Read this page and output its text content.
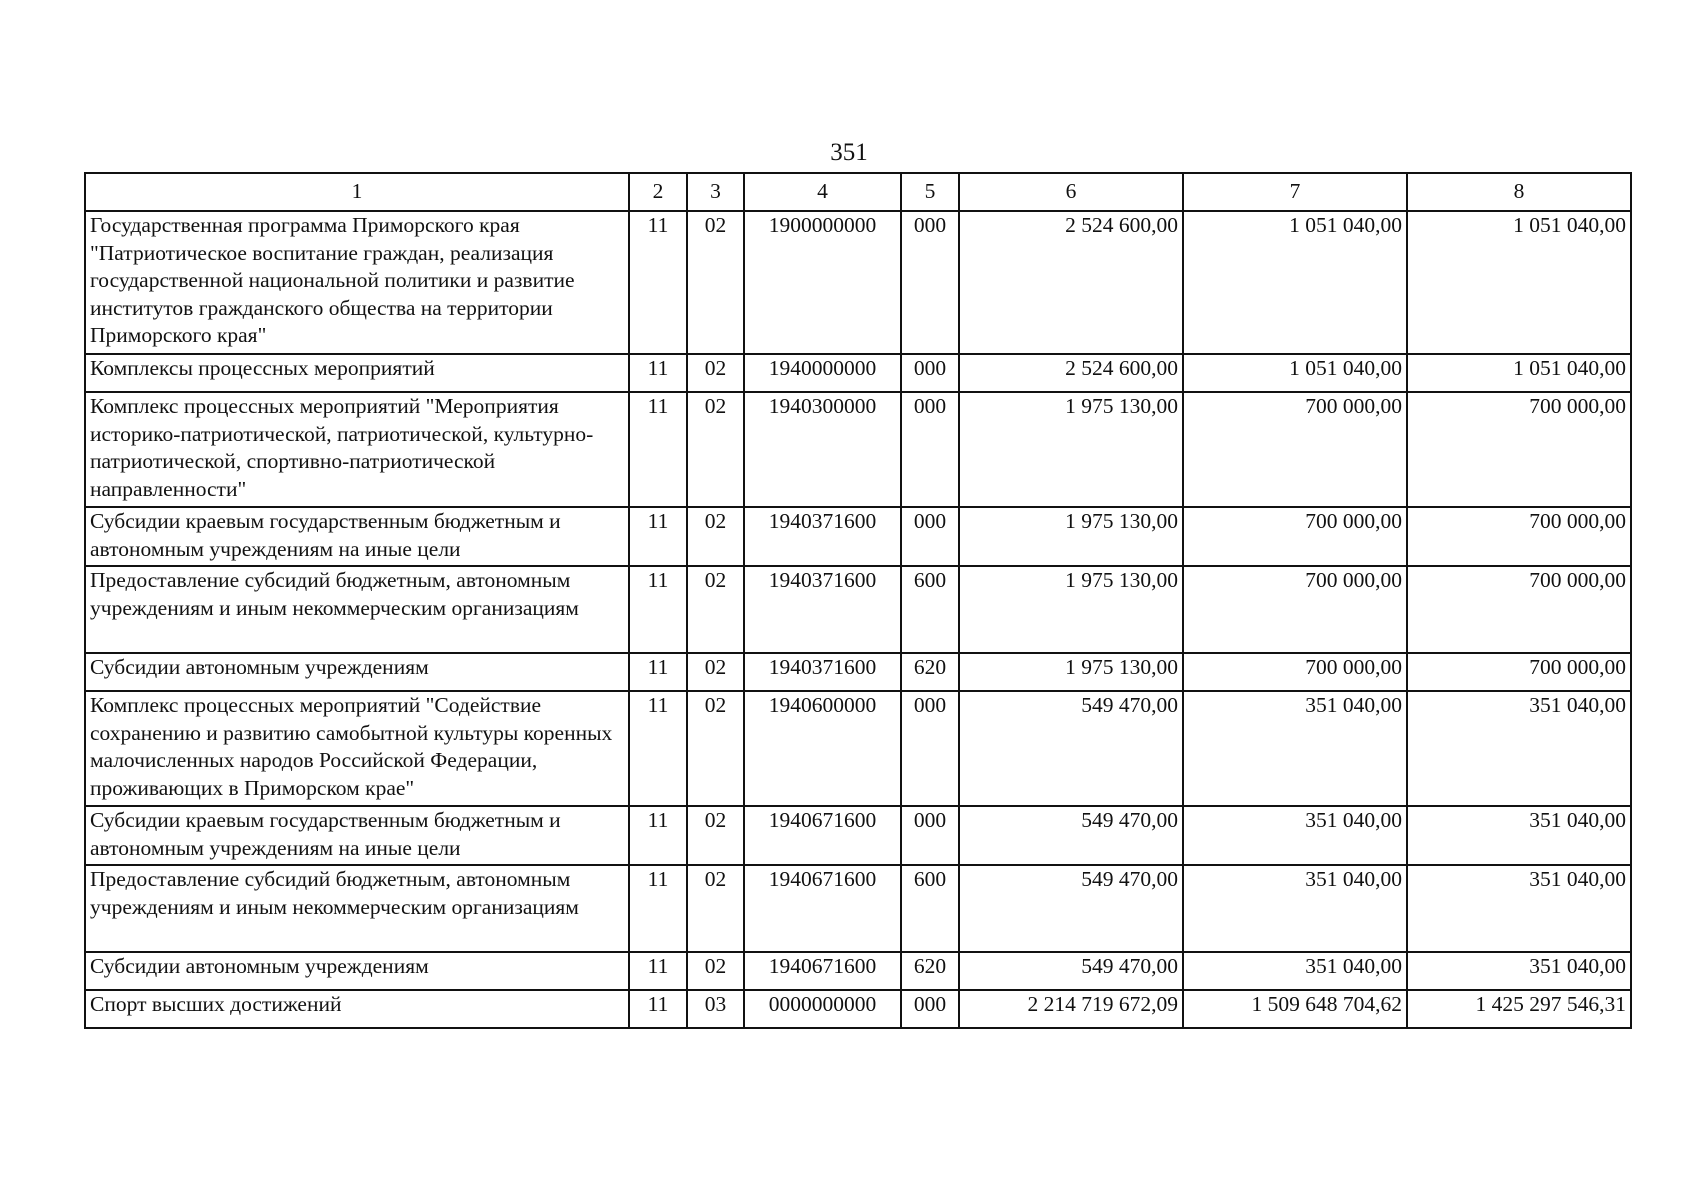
351
1	2	3	4	5	6	7	8
Государственная программа Приморского края "Патриотическое воспитание граждан, реализация государственной национальной политики и развитие институтов гражданского общества на территории Приморского края"	11	02	1900000000	000	2 524 600,00	1 051 040,00	1 051 040,00
Комплексы процессных мероприятий	11	02	1940000000	000	2 524 600,00	1 051 040,00	1 051 040,00
Комплекс процессных мероприятий "Мероприятия историко-патриотической, патриотической, культурно-патриотической, спортивно-патриотической направленности"	11	02	1940300000	000	1 975 130,00	700 000,00	700 000,00
Субсидии краевым государственным бюджетным и автономным учреждениям на иные цели	11	02	1940371600	000	1 975 130,00	700 000,00	700 000,00
Предоставление субсидий бюджетным, автономным учреждениям и иным некоммерческим организациям	11	02	1940371600	600	1 975 130,00	700 000,00	700 000,00
Субсидии автономным учреждениям	11	02	1940371600	620	1 975 130,00	700 000,00	700 000,00
Комплекс процессных мероприятий "Содействие сохранению и развитию самобытной культуры коренных малочисленных народов Российской Федерации, проживающих в Приморском крае"	11	02	1940600000	000	549 470,00	351 040,00	351 040,00
Субсидии краевым государственным бюджетным и автономным учреждениям на иные цели	11	02	1940671600	000	549 470,00	351 040,00	351 040,00
Предоставление субсидий бюджетным, автономным учреждениям и иным некоммерческим организациям	11	02	1940671600	600	549 470,00	351 040,00	351 040,00
Субсидии автономным учреждениям	11	02	1940671600	620	549 470,00	351 040,00	351 040,00
Спорт высших достижений	11	03	0000000000	000	2 214 719 672,09	1 509 648 704,62	1 425 297 546,31
